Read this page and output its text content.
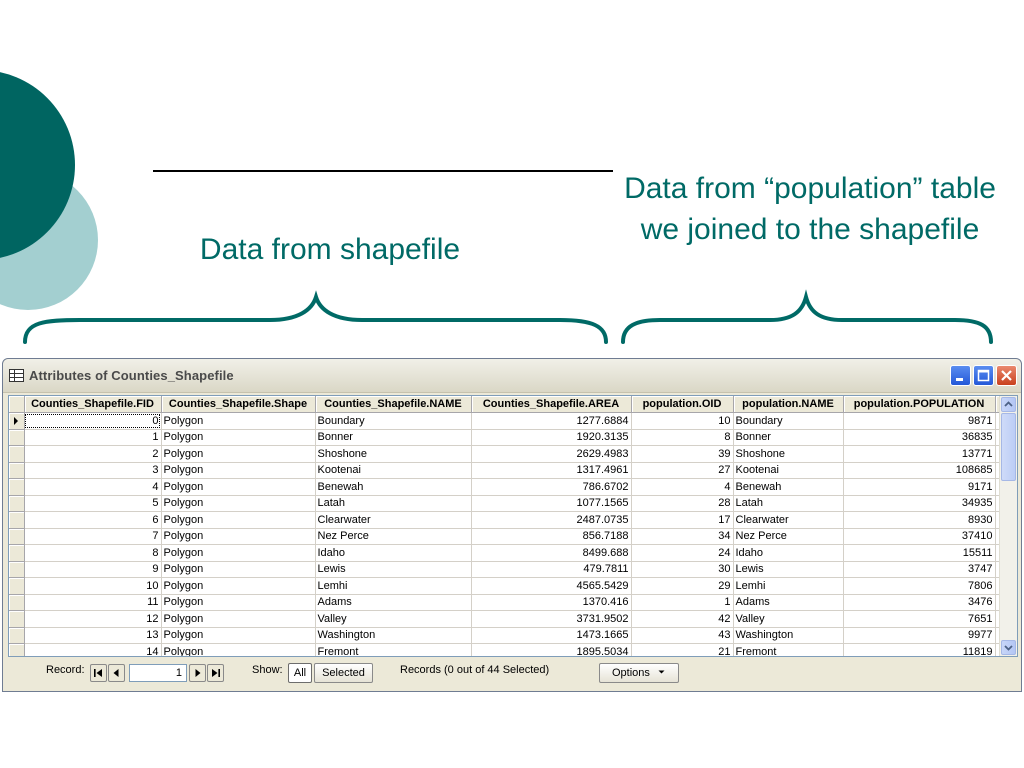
Data from shapefile
Data from “population” table we joined to the shapefile
Attributes of Counties_Shapefile
	Counties_Shapefile.FID	Counties_Shapefile.Shape	Counties_Shapefile.NAME	Counties_Shapefile.AREA	population.OID	population.NAME	population.POPULATION	

	0	Polygon	Boundary	1277.6884	10	Boundary	9871	
	1	Polygon	Bonner	1920.3135	8	Bonner	36835	
	2	Polygon	Shoshone	2629.4983	39	Shoshone	13771	
	3	Polygon	Kootenai	1317.4961	27	Kootenai	108685	
	4	Polygon	Benewah	786.6702	4	Benewah	9171	
	5	Polygon	Latah	1077.1565	28	Latah	34935	
	6	Polygon	Clearwater	2487.0735	17	Clearwater	8930	
	7	Polygon	Nez Perce	856.7188	34	Nez Perce	37410	
	8	Polygon	Idaho	8499.688	24	Idaho	15511	
	9	Polygon	Lewis	479.7811	30	Lewis	3747	
	10	Polygon	Lemhi	4565.5429	29	Lemhi	7806	
	11	Polygon	Adams	1370.416	1	Adams	3476	
	12	Polygon	Valley	3731.9502	42	Valley	7651	
	13	Polygon	Washington	1473.1665	43	Washington	9977	
	14	Polygon	Fremont	1895.5034	21	Fremont	11819	
Record:	1	Show:	All	Selected	Records (0 out of 44 Selected)	Options
